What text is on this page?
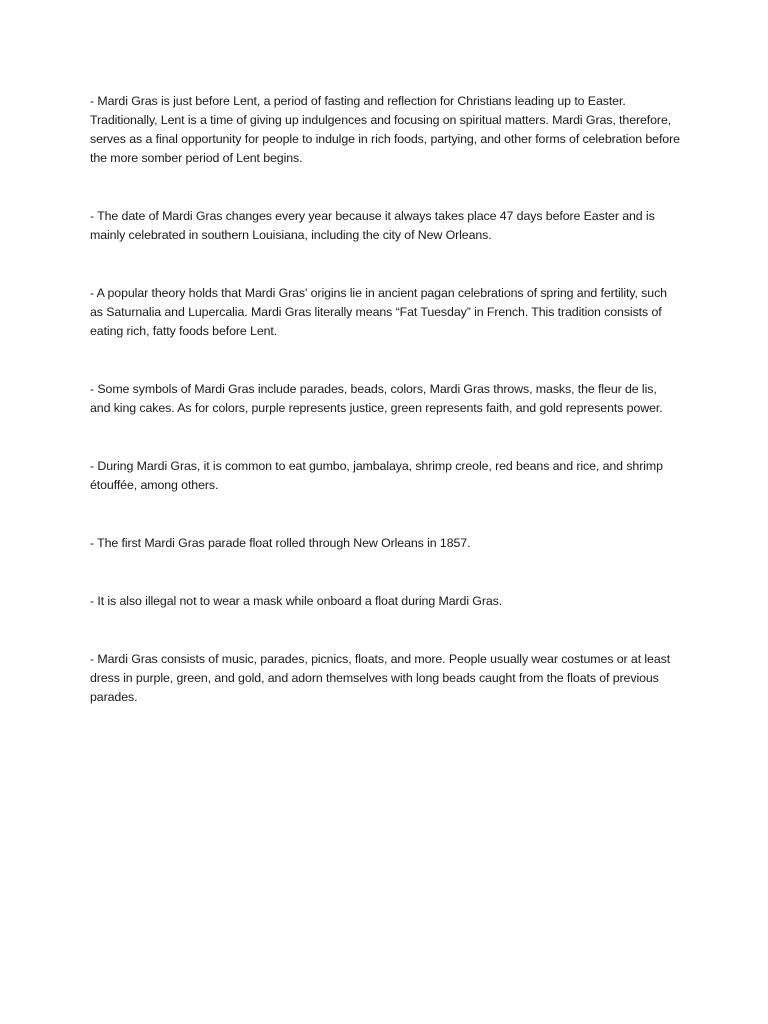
- Mardi Gras is just before Lent, a period of fasting and reflection for Christians leading up to Easter. Traditionally, Lent is a time of giving up indulgences and focusing on spiritual matters. Mardi Gras, therefore, serves as a final opportunity for people to indulge in rich foods, partying, and other forms of celebration before the more somber period of Lent begins.

- The date of Mardi Gras changes every year because it always takes place 47 days before Easter and is mainly celebrated in southern Louisiana, including the city of New Orleans.

- A popular theory holds that Mardi Gras' origins lie in ancient pagan celebrations of spring and fertility, such as Saturnalia and Lupercalia. Mardi Gras literally means “Fat Tuesday” in French. This tradition consists of eating rich, fatty foods before Lent.

- Some symbols of Mardi Gras include parades, beads, colors, Mardi Gras throws, masks, the fleur de lis, and king cakes. As for colors, purple represents justice, green represents faith, and gold represents power.

- During Mardi Gras, it is common to eat gumbo, jambalaya, shrimp creole, red beans and rice, and shrimp étouffée, among others.

- The first Mardi Gras parade float rolled through New Orleans in 1857.

- It is also illegal not to wear a mask while onboard a float during Mardi Gras.

- Mardi Gras consists of music, parades, picnics, floats, and more. People usually wear costumes or at least dress in purple, green, and gold, and adorn themselves with long beads caught from the floats of previous parades.
